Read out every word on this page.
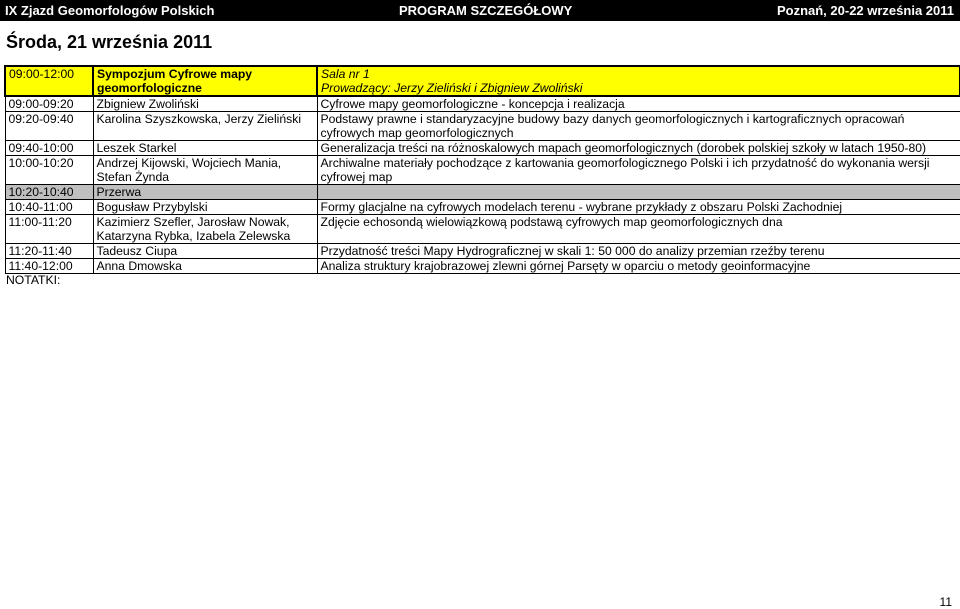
IX Zjazd Geomorfologów Polskich	PROGRAM SZCZEGÓŁOWY	Poznań, 20-22 września 2011
Środa, 21 września 2011
09:00-12:00	Sympozjum Cyfrowe mapy geomorfologiczne	Sala nr 1
Prowadzący: Jerzy Zieliński i Zbigniew Zwoliński

09:00-09:20	Zbigniew Zwoliński	Cyfrowe mapy geomorfologiczne - koncepcja i realizacja
09:20-09:40	Karolina Szyszkowska, Jerzy Zieliński	Podstawy prawne i standaryzacyjne budowy bazy danych geomorfologicznych i kartograficznych opracowań cyfrowych map geomorfologicznych
09:40-10:00	Leszek Starkel	Generalizacja treści na różnoskalowych mapach geomorfologicznych (dorobek polskiej szkoły w latach 1950-80)
10:00-10:20	Andrzej Kijowski, Wojciech Mania, Stefan Żynda	Archiwalne materiały pochodzące z kartowania geomorfologicznego Polski i ich przydatność do wykonania wersji cyfrowej map
10:20-10:40	Przerwa	
10:40-11:00	Bogusław Przybylski	Formy glacjalne na cyfrowych modelach terenu - wybrane przykłady z obszaru Polski Zachodniej
11:00-11:20	Kazimierz Szefler, Jarosław Nowak, Katarzyna Rybka, Izabela Zelewska	Zdjęcie echosondą wielowiązkową podstawą cyfrowych map geomorfologicznych dna
11:20-11:40	Tadeusz Ciupa	Przydatność treści Mapy Hydrograficznej w skali 1: 50 000 do analizy przemian rzeźby terenu
11:40-12:00	Anna Dmowska	Analiza struktury krajobrazowej zlewni górnej Parsęty w oparciu o metody geoinformacyjne
NOTATKI:
11
